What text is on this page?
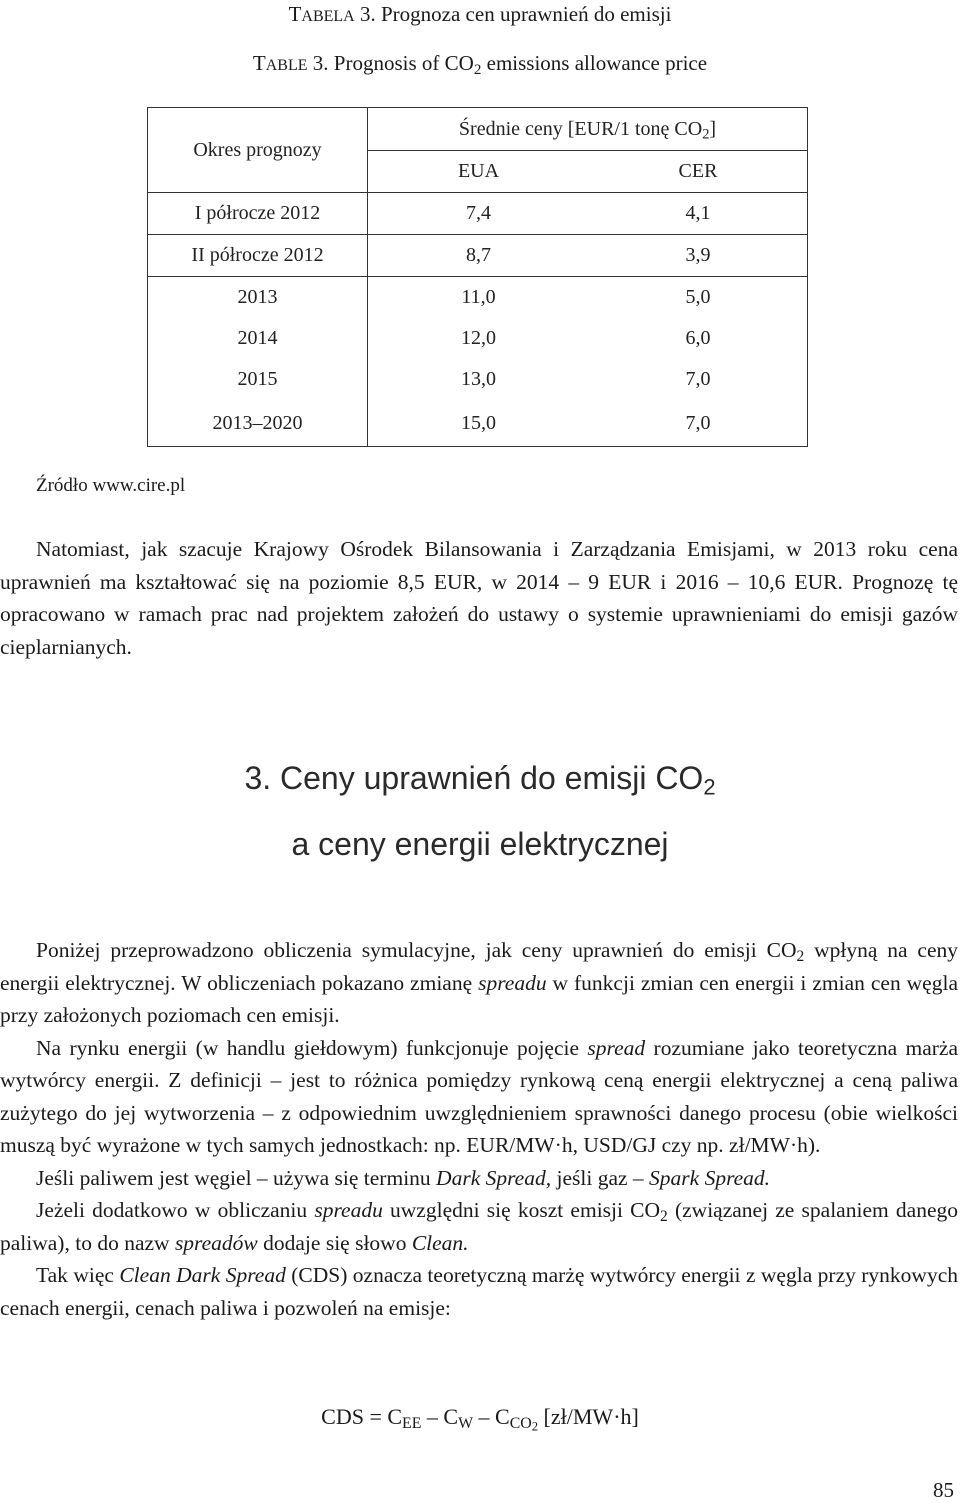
TABELA 3. Prognoza cen uprawnień do emisji
TABLE 3. Prognosis of $CO_2$ emissions allowance price
Okres prognozy	Średnie ceny [EUR/1 tonę $CO_2$]	
	EUA	CER
I półrocze 2012	7,4	4,1
II półrocze 2012	8,7	3,9
2013	11,0	5,0
2014	12,0	6,0
2015	13,0	7,0
2013–2020	15,0	7,0
Źródło www.cire.pl

Natomiast, jak szacuje Krajowy Ośrodek Bilansowania i Zarządzania Emisjami, w 2013 roku cena uprawnień ma kształtować się na poziomie 8,5 EUR, w 2014 – 9 EUR i 2016 – 10,6 EUR. Prognozę tę opracowano w ramach prac nad projektem założeń do ustawy o systemie uprawnieniami do emisji gazów cieplarnianych.

3. Ceny uprawnień do emisji $CO_2$
a ceny energii elektrycznej

Poniżej przeprowadzono obliczenia symulacyjne, jak ceny uprawnień do emisji $CO_2$ wpłyną na ceny energii elektrycznej. W obliczeniach pokazano zmianę spreadu w funkcji zmian cen energii i zmian cen węgla przy założonych poziomach cen emisji.

Na rynku energii (w handlu giełdowym) funkcjonuje pojęcie spread rozumiane jako teoretyczna marża wytwórcy energii. Z definicji – jest to różnica pomiędzy rynkową ceną energii elektrycznej a ceną paliwa zużytego do jej wytworzenia – z odpowiednim uwzględnieniem sprawności danego procesu (obie wielkości muszą być wyrażone w tych samych jednostkach: np. EUR/MW·h, USD/GJ czy np. zł/MW·h).

Jeśli paliwem jest węgiel – używa się terminu Dark Spread, jeśli gaz – Spark Spread.

Jeżeli dodatkowo w obliczaniu spreadu uwzględni się koszt emisji $CO_2$ (związanej ze spalaniem danego paliwa), to do nazw spreadów dodaje się słowo Clean.

Tak więc Clean Dark Spread (CDS) oznacza teoretyczną marżę wytwórcy energii z węgla przy rynkowych cenach energii, cenach paliwa i pozwoleń na emisje:

CDS = $C_{EE} - C_W - C_{CO2}$ [zł/MW·h]
85
